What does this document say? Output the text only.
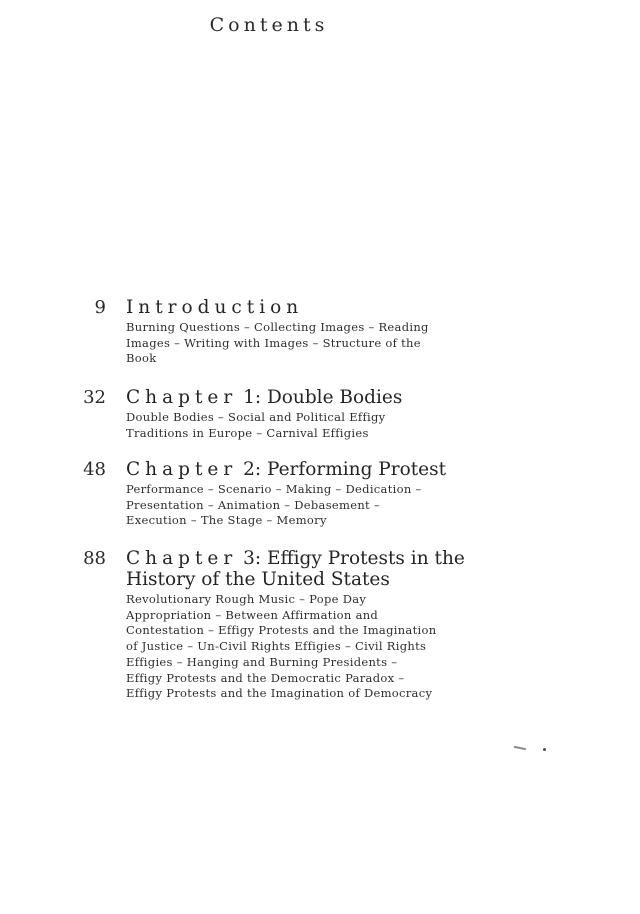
Contents
9 Introduction
Burning Questions – Collecting Images – Reading
Images – Writing with Images – Structure of the
Book
32 Chapter 1: Double Bodies
Double Bodies – Social and Political Effigy
Traditions in Europe – Carnival Effigies
48 Chapter 2: Performing Protest
Performance – Scenario – Making – Dedication –
Presentation – Animation – Debasement –
Execution – The Stage – Memory
88 Chapter 3: Effigy Protests in the
History of the United States
Revolutionary Rough Music – Pope Day
Appropriation – Between Affirmation and
Contestation – Effigy Protests and the Imagination
of Justice – Un-Civil Rights Effigies – Civil Rights
Effigies – Hanging and Burning Presidents –
Effigy Protests and the Democratic Paradox –
Effigy Protests and the Imagination of Democracy
